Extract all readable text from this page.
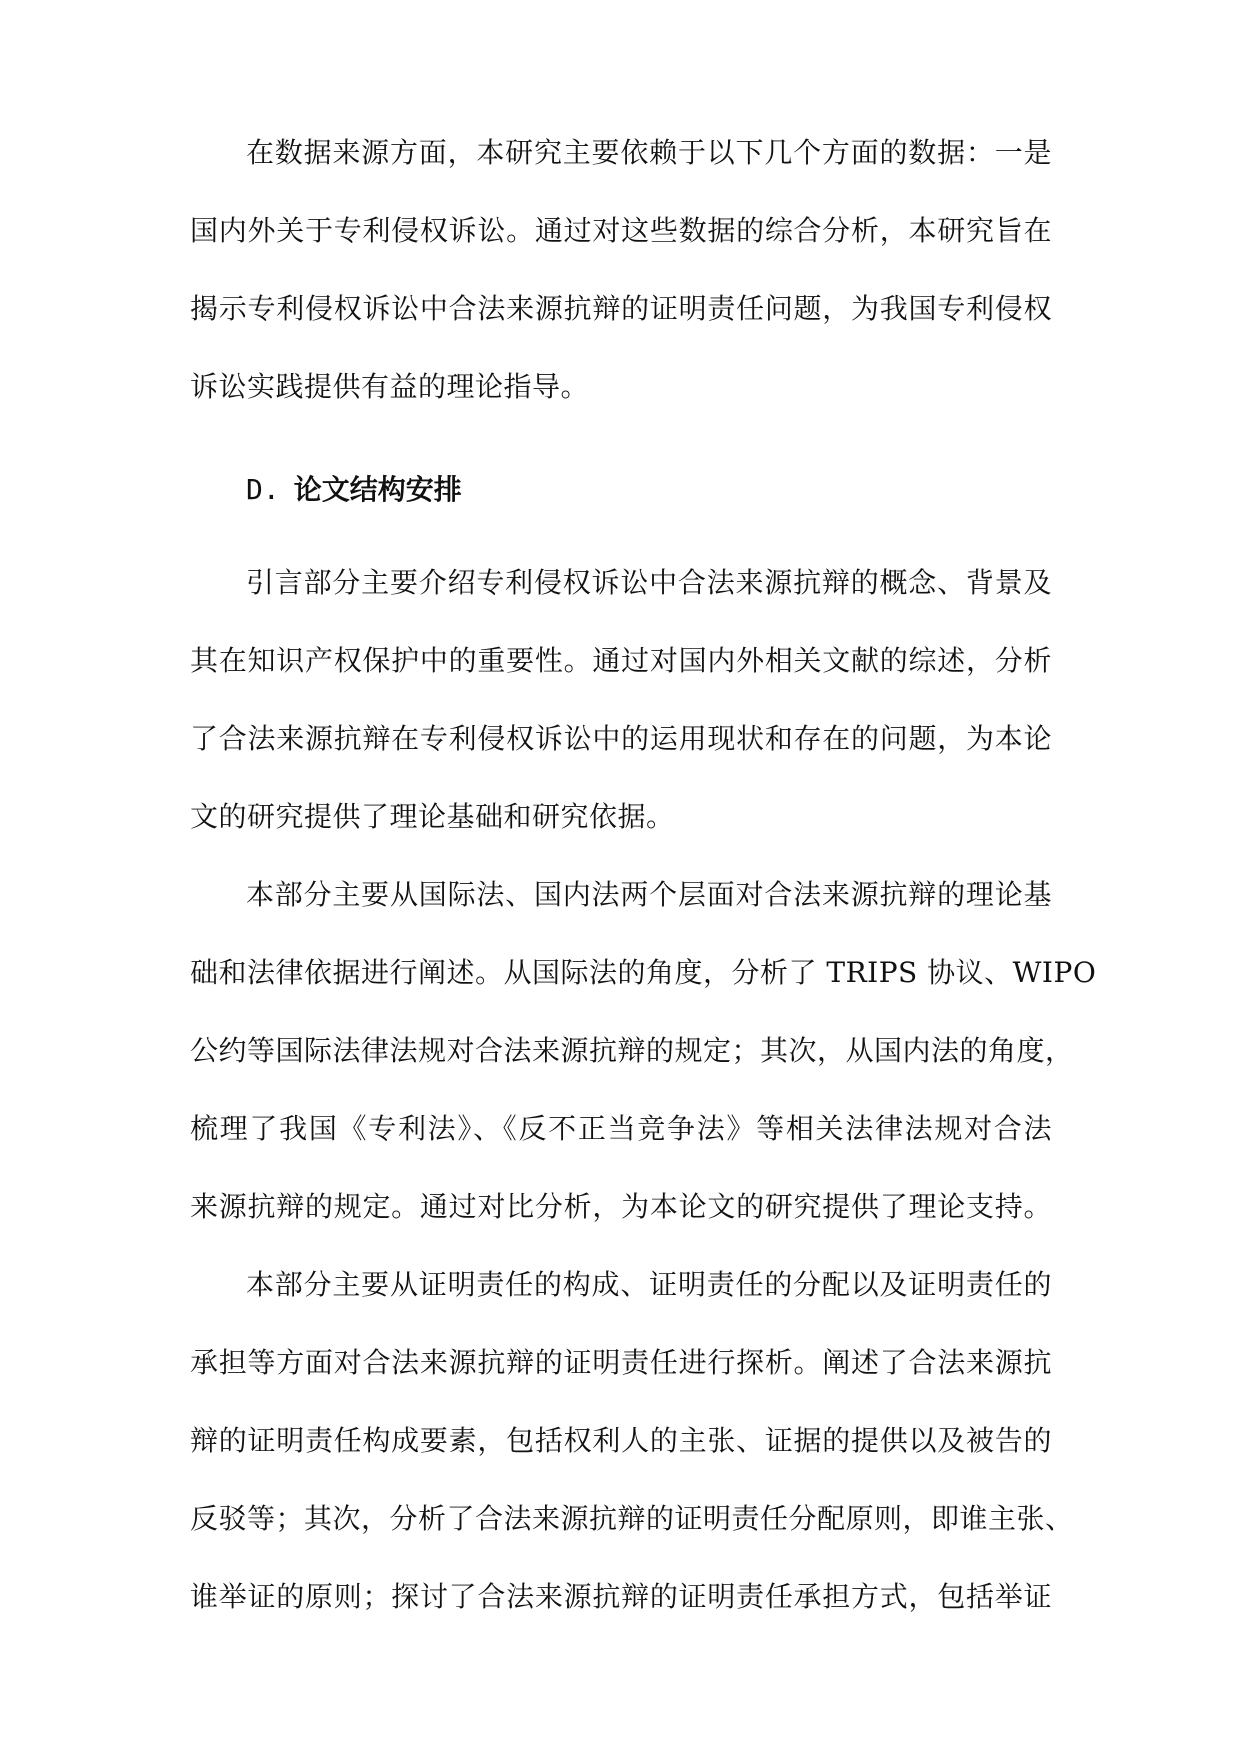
在数据来源方面，本研究主要依赖于以下几个方面的数据：一是
国内外关于专利侵权诉讼。通过对这些数据的综合分析，本研究旨在
揭示专利侵权诉讼中合法来源抗辩的证明责任问题，为我国专利侵权
诉讼实践提供有益的理论指导。
D. 论文结构安排
引言部分主要介绍专利侵权诉讼中合法来源抗辩的概念、背景及
其在知识产权保护中的重要性。通过对国内外相关文献的综述，分析
了合法来源抗辩在专利侵权诉讼中的运用现状和存在的问题，为本论
文的研究提供了理论基础和研究依据。
本部分主要从国际法、国内法两个层面对合法来源抗辩的理论基
础和法律依据进行阐述。从国际法的角度，分析了 TRIPS 协议、WIPO
公约等国际法律法规对合法来源抗辩的规定；其次，从国内法的角度，
梳理了我国《专利法》、《反不正当竞争法》等相关法律法规对合法
来源抗辩的规定。通过对比分析，为本论文的研究提供了理论支持。
本部分主要从证明责任的构成、证明责任的分配以及证明责任的
承担等方面对合法来源抗辩的证明责任进行探析。阐述了合法来源抗
辩的证明责任构成要素，包括权利人的主张、证据的提供以及被告的
反驳等；其次，分析了合法来源抗辩的证明责任分配原则，即谁主张、
谁举证的原则；探讨了合法来源抗辩的证明责任承担方式，包括举证
